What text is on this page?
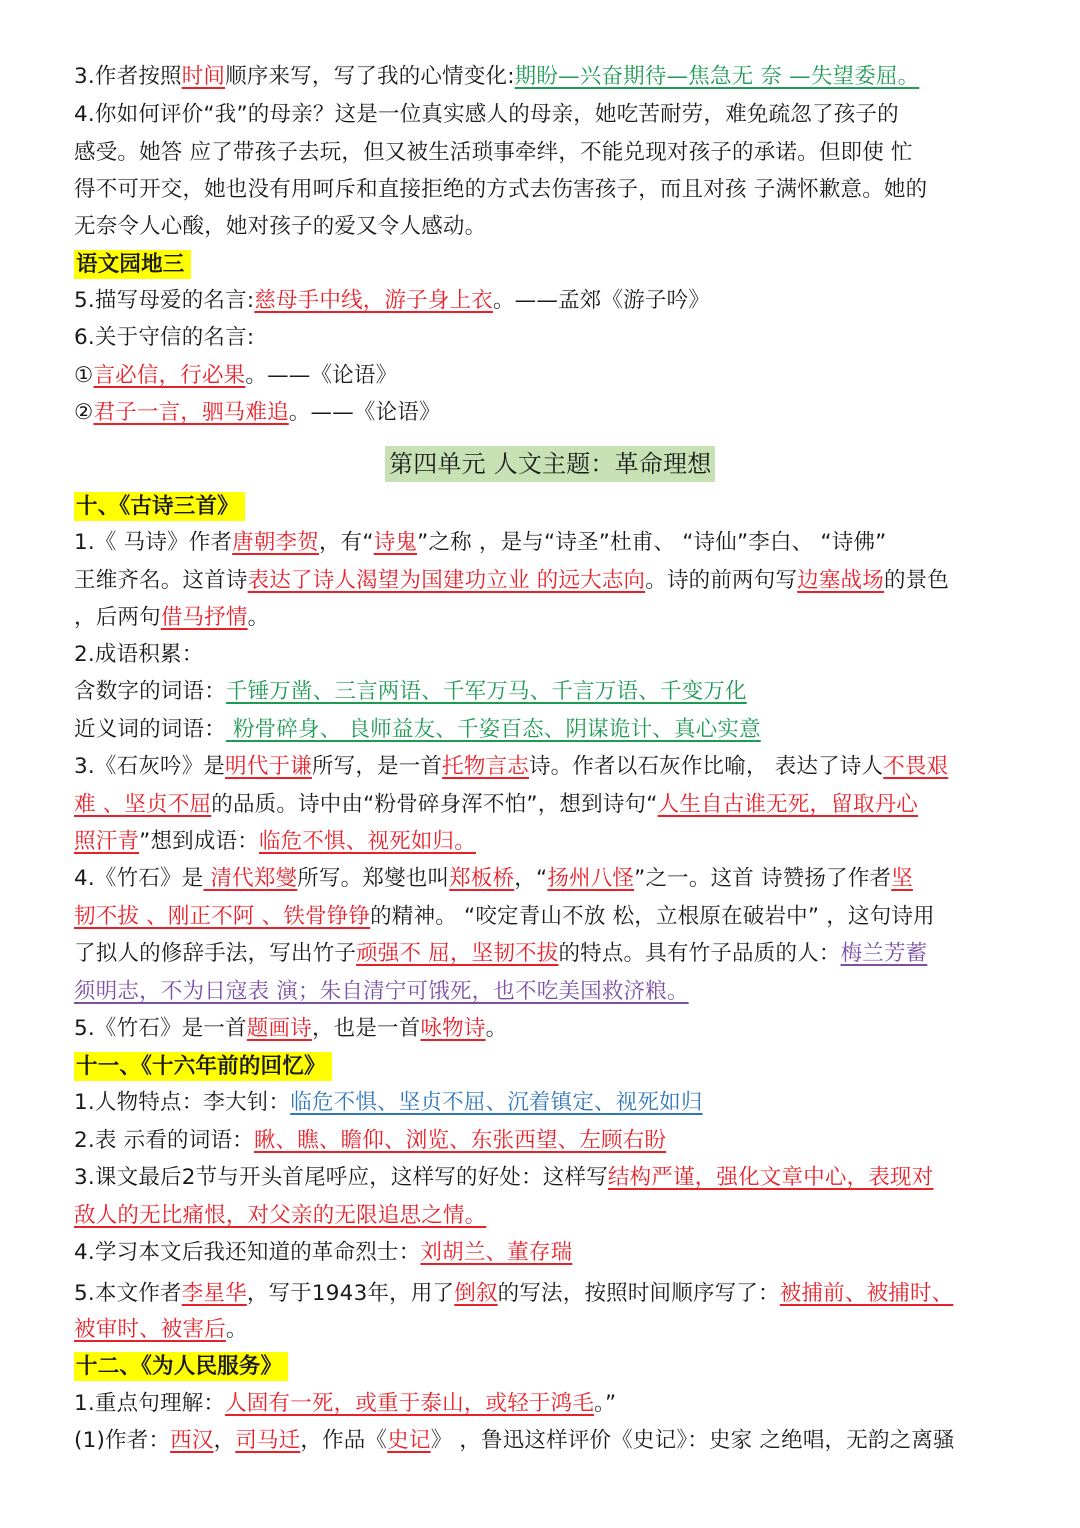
3.作者按照时间顺序来写，写了我的心情变化:期盼—兴奋期待—焦急无 奈 —失望委屈。
4.你如何评价“我”的母亲？这是一位真实感人的母亲，她吃苦耐劳，难免疏忽了孩子的
感受。她答 应了带孩子去玩，但又被生活琐事牵绊，不能兑现对孩子的承诺。但即使 忙
得不可开交，她也没有用呵斥和直接拒绝的方式去伤害孩子，而且对孩 子满怀歉意。她的
无奈令人心酸，她对孩子的爱又令人感动。
语文园地三
5.描写母爱的名言:慈母手中线，游子身上衣。——孟郊《游子吟》
6.关于守信的名言:
①言必信，行必果。——《论语》
②君子一言，驷马难追。——《论语》
第四单元 人文主题：革命理想
十、《古诗三首》
1.《 马诗》作者唐朝李贺，有“诗鬼”之称 ，是与“诗圣”杜甫、 “诗仙”李白、 “诗佛”
王维齐名。这首诗表达了诗人渴望为国建功立业 的远大志向。诗的前两句写边塞战场的景色
，后两句借马抒情。
2.成语积累：
含数字的词语：千锤万凿、三言两语、千军万马、千言万语、千变万化
近义词的词语： 粉骨碎身、 良师益友、千姿百态、阴谋诡计、真心实意
3.《石灰吟》是明代于谦所写，是一首托物言志诗。作者以石灰作比喻， 表达了诗人不畏艰
难 、坚贞不屈的品质。诗中由“粉骨碎身浑不怕”，想到诗句“人生自古谁无死，留取丹心
照汗青”想到成语：临危不惧、视死如归。
4.《竹石》是 清代郑燮所写。郑燮也叫郑板桥，“扬州八怪”之一。这首 诗赞扬了作者坚
韧不拔 、刚正不阿 、铁骨铮铮的精神。 “咬定青山不放 松，立根原在破岩中” ，这句诗用
了拟人的修辞手法，写出竹子顽强不 屈，坚韧不拔的特点。具有竹子品质的人：梅兰芳蓄
须明志，不为日寇表 演；朱自清宁可饿死，也不吃美国救济粮。
5.《竹石》是一首题画诗，也是一首咏物诗。
十一、《十六年前的回忆》
1.人物特点：李大钊：临危不惧、坚贞不屈、沉着镇定、视死如归
2.表 示看的词语：瞅、瞧、瞻仰、浏览、东张西望、左顾右盼
3.课文最后2节与开头首尾呼应，这样写的好处：这样写结构严谨，强化文章中心，表现对
敌人的无比痛恨，对父亲的无限追思之情。
4.学习本文后我还知道的革命烈士：刘胡兰、董存瑞
5.本文作者李星华，写于1943年，用了倒叙的写法，按照时间顺序写了：被捕前、被捕时、
被审时、被害后。
十二、《为人民服务》
1.重点句理解：人固有一死，或重于泰山，或轻于鸿毛。”
(1)作者：西汉，司马迁，作品《史记》 ，鲁迅这样评价《史记》：史家 之绝唱，无韵之离骚
